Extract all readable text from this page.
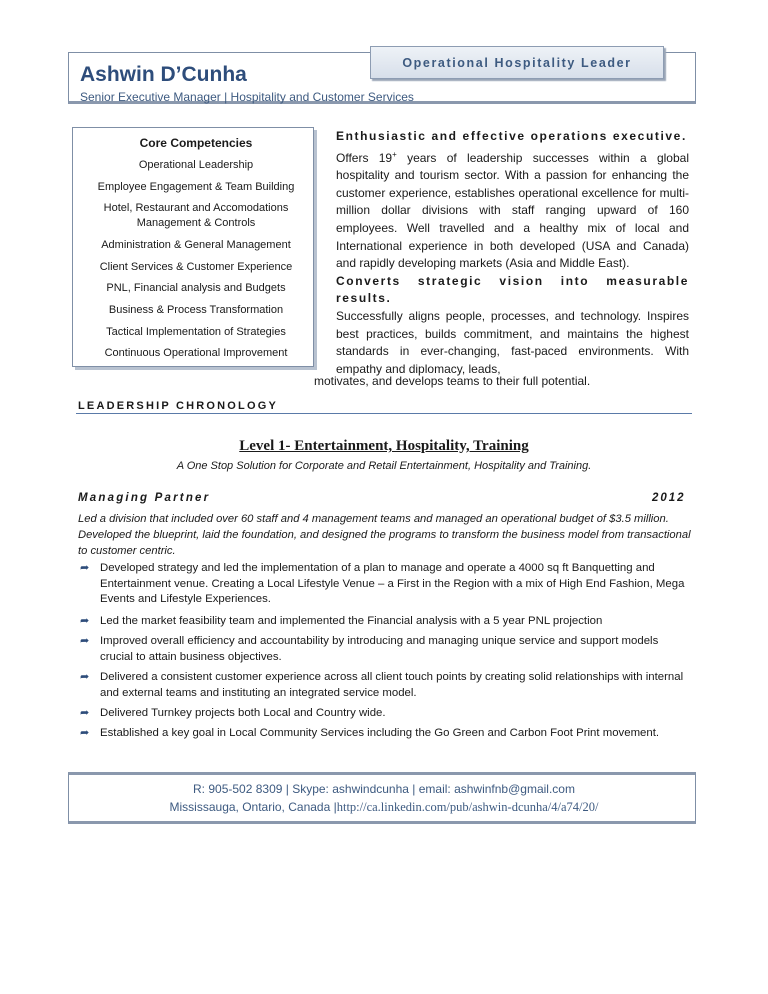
Operational Hospitality Leader
Ashwin D’Cunha
Senior Executive Manager | Hospitality and Customer Services
Core Competencies
Operational Leadership
Employee Engagement & Team Building
Hotel, Restaurant and Accomodations
Management & Controls
Administration & General Management
Client Services & Customer Experience
PNL, Financial analysis and Budgets
Business & Process Transformation
Tactical Implementation of Strategies
Continuous Operational Improvement
Enthusiastic and effective operations executive.
Offers 19+ years of leadership successes within a global hospitality and tourism sector. With a passion for enhancing the customer experience, establishes operational excellence for multi-million dollar divisions with staff ranging upward of 160 employees. Well travelled and a healthy mix of local and International experience in both developed (USA and Canada) and rapidly developing markets (Asia and Middle East).
Converts strategic vision into measurable results.
Successfully aligns people, processes, and technology. Inspires best practices, builds commitment, and maintains the highest standards in ever-changing, fast-paced environments. With empathy and diplomacy, leads,
motivates, and develops teams to their full potential.
LEADERSHIP CHRONOLOGY
Level 1- Entertainment, Hospitality, Training
A One Stop Solution for Corporate and Retail Entertainment, Hospitality and Training.
Managing Partner	2012
Led a division that included over 60 staff and 4 management teams and managed an operational budget of $3.5 million. Developed the blueprint, laid the foundation, and designed the programs to transform the business model from transactional to customer centric.
➦ Developed strategy and led the implementation of a plan to manage and operate a 4000 sq ft Banquetting and Entertainment venue. Creating a Local Lifestyle Venue – a First in the Region with a mix of High End Fashion, Mega Events and Lifestyle Experiences.
➦ Led the market feasibility team and implemented the Financial analysis with a 5 year PNL projection
➦ Improved overall efficiency and accountability by introducing and managing unique service and support models crucial to attain business objectives.
➦ Delivered a consistent customer experience across all client touch points by creating solid relationships with internal and external teams and instituting an integrated service model.
➦ Delivered Turnkey projects both Local and Country wide.
➦ Established a key goal in Local Community Services including the Go Green and Carbon Foot Print movement.
R: 905-502 8309 | Skype: ashwindcunha | email: ashwinfnb@gmail.com
Mississauga, Ontario, Canada |http://ca.linkedin.com/pub/ashwin-dcunha/4/a74/20/
